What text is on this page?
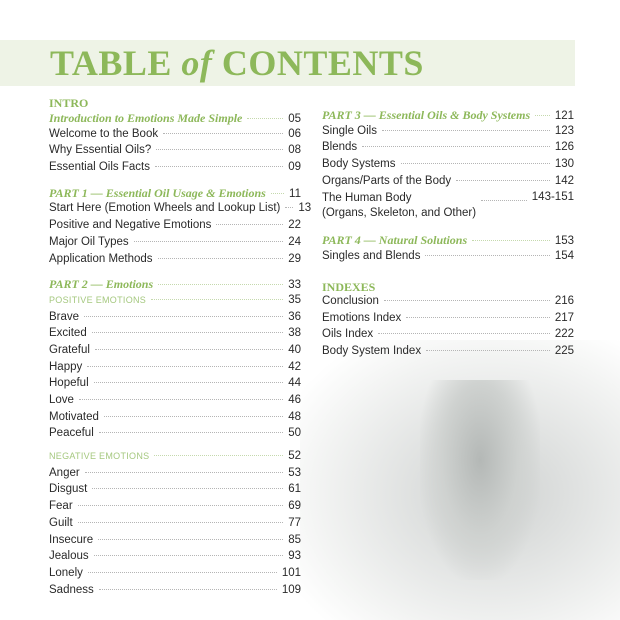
TABLE of CONTENTS
INTRO
Introduction to Emotions Made Simple	05
Welcome to the Book	06
Why Essential Oils?	08
Essential Oils Facts	09
PART 1 — Essential Oil Usage & Emotions 11
Start Here (Emotion Wheels and Lookup List) 13
Positive and Negative Emotions	22
Major Oil Types	24
Application Methods	29
PART 2 — Emotions	33
POSITIVE EMOTIONS	35
Brave	36
Excited	38
Grateful	40
Happy	42
Hopeful	44
Love	46
Motivated	48
Peaceful	50
NEGATIVE EMOTIONS	52
Anger	53
Disgust	61
Fear	69
Guilt	77
Insecure	85
Jealous	93
Lonely	101
Sadness	109
PART 3 — Essential Oils & Body Systems 121
Single Oils	123
Blends	126
Body Systems	130
Organs/Parts of the Body	142
The Human Body
(Organs, Skeleton, and Other)
143-151
PART 4 — Natural Solutions	153
Singles and Blends	154
INDEXES
Conclusion	216
Emotions Index	217
Oils Index	222
Body System Index	225
